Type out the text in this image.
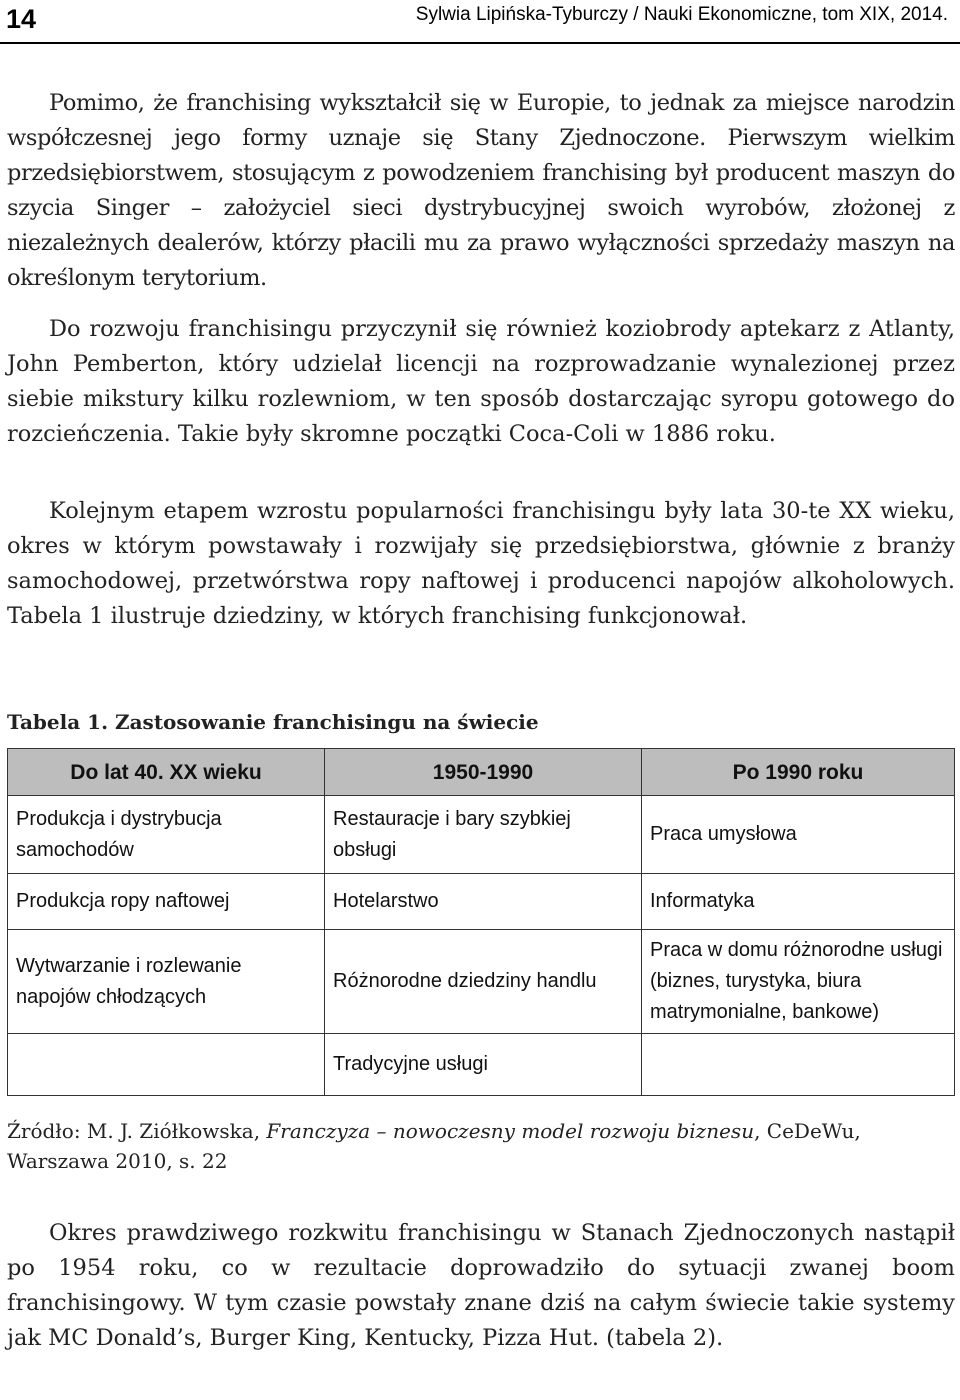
14	Sylwia Lipińska-Tyburczy / Nauki Ekonomiczne, tom XIX, 2014.

Pomimo, że franchising wykształcił się w Europie, to jednak za miejsce narodzin współczesnej jego formy uznaje się Stany Zjednoczone. Pierwszym wielkim przedsiębiorstwem, stosującym z powodzeniem franchising był producent maszyn do szycia Singer – założyciel sieci dystrybucyjnej swoich wyrobów, złożonej z niezależnych dealerów, którzy płacili mu za prawo wyłączności sprzedaży maszyn na określonym terytorium.

Do rozwoju franchisingu przyczynił się również koziobrody aptekarz z Atlanty, John Pemberton, który udzielał licencji na rozprowadzanie wynalezionej przez siebie mikstury kilku rozlewniom, w ten sposób dostarczając syropu gotowego do rozcieńczenia. Takie były skromne początki Coca-Coli w 1886 roku.

Kolejnym etapem wzrostu popularności franchisingu były lata 30-te XX wieku, okres w którym powstawały i rozwijały się przedsiębiorstwa, głównie z branży samochodowej, przetwórstwa ropy naftowej i producenci napojów alkoholowych. Tabela 1 ilustruje dziedziny, w których franchising funkcjonował.

Tabela 1. Zastosowanie franchisingu na świecie
Do lat 40. XX wieku	1950-1990	Po 1990 roku
Produkcja i dystrybucja samochodów	Restauracje i bary szybkiej obsługi	Praca umysłowa
Produkcja ropy naftowej	Hotelarstwo	Informatyka
Wytwarzanie i rozlewanie napojów chłodzących	Różnorodne dziedziny handlu	Praca w domu różnorodne usługi (biznes, turystyka, biura matrymonialne, bankowe)
	Tradycyjne usługi	
Źródło: M. J. Ziółkowska, Franczyza – nowoczesny model rozwoju biznesu, CeDeWu, Warszawa 2010, s. 22

Okres prawdziwego rozkwitu franchisingu w Stanach Zjednoczonych nastąpił po 1954 roku, co w rezultacie doprowadziło do sytuacji zwanej boom franchisingowy. W tym czasie powstały znane dziś na całym świecie takie systemy jak MC Donald’s, Burger King, Kentucky, Pizza Hut. (tabela 2).
